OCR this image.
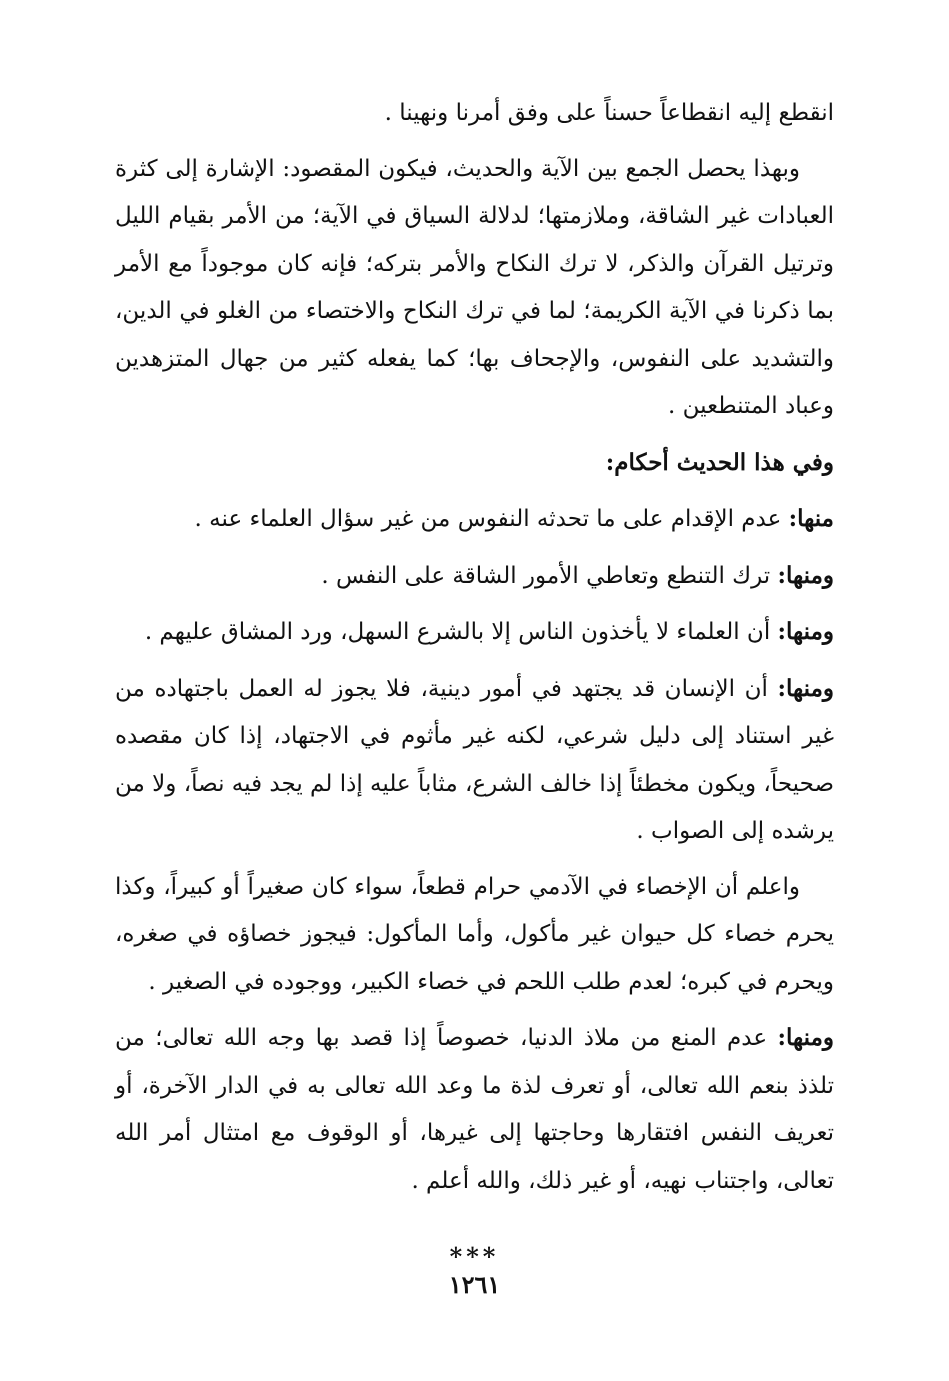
انقطع إليه انقطاعاً حسناً على وفق أمرنا ونهينا .

وبهذا يحصل الجمع بين الآية والحديث، فيكون المقصود: الإشارة إلى كثرة العبادات غير الشاقة، وملازمتها؛ لدلالة السياق في الآية؛ من الأمر بقيام الليل وترتيل القرآن والذكر، لا ترك النكاح والأمر بتركه؛ فإنه كان موجوداً مع الأمر بما ذكرنا في الآية الكريمة؛ لما في ترك النكاح والاختصاء من الغلو في الدين، والتشديد على النفوس، والإجحاف بها؛ كما يفعله كثير من جهال المتزهدين وعباد المتنطعين .

وفي هذا الحديث أحكام:

منها: عدم الإقدام على ما تحدثه النفوس من غير سؤال العلماء عنه .

ومنها: ترك التنطع وتعاطي الأمور الشاقة على النفس .

ومنها: أن العلماء لا يأخذون الناس إلا بالشرع السهل، ورد المشاق عليهم .

ومنها: أن الإنسان قد يجتهد في أمور دينية، فلا يجوز له العمل باجتهاده من غير استناد إلى دليل شرعي، لكنه غير مأثوم في الاجتهاد، إذا كان مقصده صحيحاً، ويكون مخطئاً إذا خالف الشرع، مثاباً عليه إذا لم يجد فيه نصاً، ولا من يرشده إلى الصواب .

واعلم أن الإخصاء في الآدمي حرام قطعاً، سواء كان صغيراً أو كبيراً، وكذا يحرم خصاء كل حيوان غير مأكول، وأما المأكول: فيجوز خصاؤه في صغره، ويحرم في كبره؛ لعدم طلب اللحم في خصاء الكبير، ووجوده في الصغير .

ومنها: عدم المنع من ملاذ الدنيا، خصوصاً إذا قصد بها وجه الله تعالى؛ من تلذذ بنعم الله تعالى، أو تعرف لذة ما وعد الله تعالى به في الدار الآخرة، أو تعريف النفس افتقارها وحاجتها إلى غيرها، أو الوقوف مع امتثال أمر الله تعالى، واجتناب نهيه، أو غير ذلك، والله أعلم .

***
١٢٦١
